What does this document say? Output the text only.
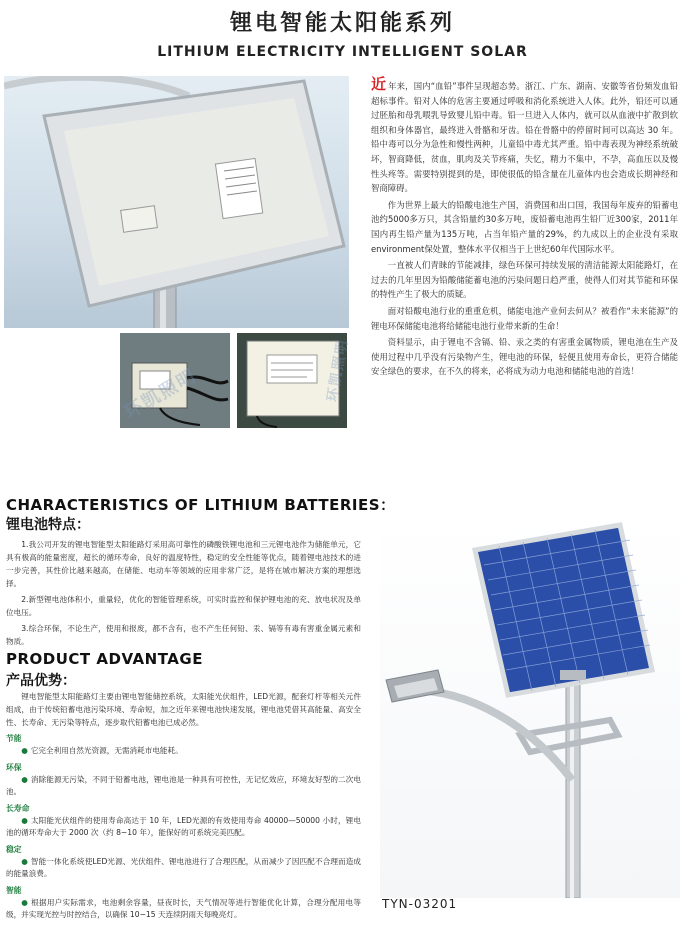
锂电智能太阳能系列
LITHIUM ELECTRICITY INTELLIGENT SOLAR
环凯照明	环凯照明

近年来，国内“血铅”事件呈现超态势。浙江、广东、湖南、安徽等省份频发血铅超标事件。铅对人体的危害主要通过呼吸和消化系统进入人体。此外，铅还可以通过胚胎和母乳喂乳导致婴儿铅中毒。铅一旦进入人体内，就可以从血液中扩散到软组织和身体器官，最终进入骨骼和牙齿。铅在骨骼中的停留时间可以高达 30 年。铅中毒可以分为急性和慢性两种，儿童铅中毒尤其严重。铅中毒表现为神经系统破坏，智商降低，贫血，肌肉及关节疼痛，失忆，精力不集中，不孕，高血压以及慢性头疼等。需要特别提到的是，即使很低的铅含量在儿童体内也会造成长期神经和智商障碍。

作为世界上最大的铅酸电池生产国，消费国和出口国，我国每年废弃的铅蓄电池约5000多万只，其含铅量约30多万吨，废铅蓄电池再生铅厂近300家，2011年国内再生铅产量为135万吨，占当年铅产量的29%，约九成以上的企业没有采取environment保处置，整体水平仅相当于上世纪60年代国际水平。

一直被人们青睐的节能减排，绿色环保可持续发展的清洁能源太阳能路灯，在过去的几年里因为铅酸储能蓄电池的污染问题日趋严重，使得人们对其节能和环保的特性产生了极大的质疑。

面对铅酸电池行业的重重危机，储能电池产业何去何从？被看作“未来能源”的锂电环保储能电池将给储能电池行业带来新的生命！

资料显示，由于锂电不含镉、铅、汞之类的有害重金属物质，锂电池在生产及使用过程中几乎没有污染物产生，锂电池的环保，轻便且使用寿命长，更符合储能安全绿色的要求，在不久的将来，必将成为动力电池和储能电池的首选！

CHARACTERISTICS OF LITHIUM BATTERIES：
锂电池特点：

1.我公司开发的锂电智能型太阳能路灯采用高可靠性的磷酸铁锂电池和三元锂电池作为储能单元，它具有极高的能量密度，超长的循环寿命，良好的温度特性，稳定的安全性能等优点，随着锂电池技术的进一步完善，其性价比越来越高，在储能、电动车等领域的应用非常广泛，是将在城市解决方案的理想选择。

2.新型锂电池体积小，重量轻，优化的智能管理系统，可实时监控和保护锂电池的充、放电状况及单位电压。

3.综合环保，不论生产，使用和报废，都不含有，也不产生任何铅、汞、镉等有毒有害重金属元素和物质。

PRODUCT ADVANTAGE
产品优势：

锂电智能型太阳能路灯主要由锂电智能储控系统，太阳能光伏组件，LED光源，配套灯杆等相关元件组成，由于传统铅蓄电池污染环境、寿命短，加之近年来锂电池快速发展，锂电池凭借其高能量、高安全性、长寿命、无污染等特点，逐步取代铅蓄电池已成必然。

节能

● 它完全利用自然光资源，无需消耗市电能耗。

环保

● 消除能源无污染，不同于铅蓄电池，锂电池是一种具有可控性，无记忆效应，环境友好型的二次电池。

长寿命

● 太阳能光伏组件的使用寿命高达于 10 年，LED光源的有效使用寿命 40000—50000 小时，锂电池的循环寿命大于 2000 次（约 8~10 年），能保好的可系统完美匹配。

稳定

● 智能一体化系统使LED光源、光伏组件、锂电池进行了合理匹配，从而减少了因匹配不合理而造成的能量浪费。

智能

● 根据用户实际需求，电池剩余容量，昼夜时长，天气情况等进行智能优化计算，合理分配用电等级，并实现光控与时控结合，以确保 10~15 天连续阴雨天每晚亮灯。

TYN-03201
